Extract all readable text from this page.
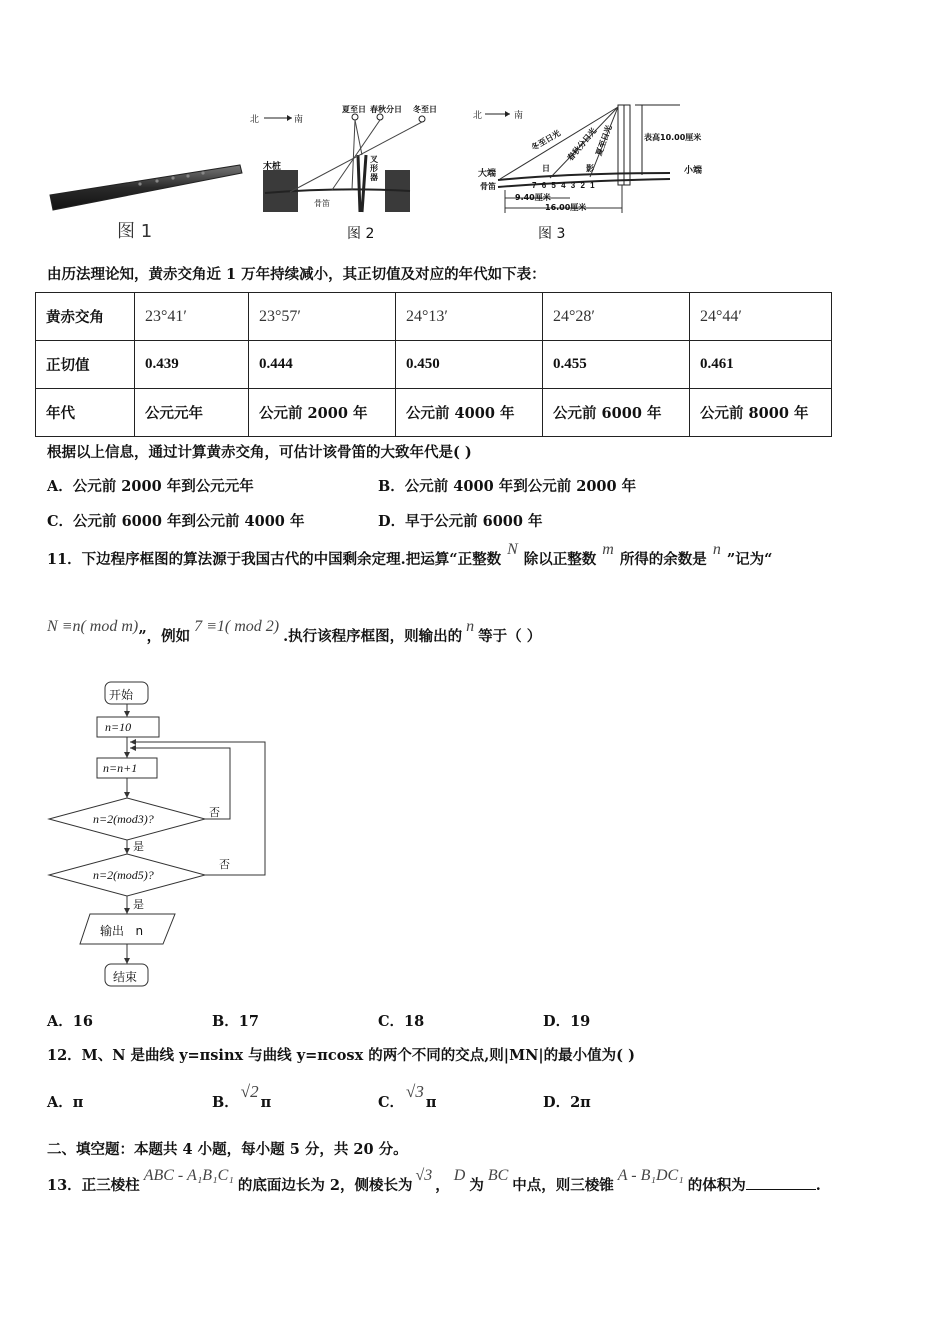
图 1
北	南
夏至日 春秋分日 冬至日
木桩
骨笛
叉形器
图 2
北	南
冬至日光 春秋分日光
夏至日光	表高10.00厘米
大端	小端
骨笛
日	影
7 6 5 4 3 2 1
9.40厘米
16.00厘米
图 3
由历法理论知，黄赤交角近 1 万年持续减小，其正切值及对应的年代如下表：
黄赤交角	23°41′	23°57′	24°13′	24°28′	24°44′
正切值	0.439	0.444	0.450	0.455	0.461
年代	公元元年	公元前 2000 年	公元前 4000 年	公元前 6000 年	公元前 8000 年
根据以上信息，通过计算黄赤交角，可估计该骨笛的大致年代是( )
A．公元前 2000 年到公元元年	B．公元前 4000 年到公元前 2000 年
C．公元前 6000 年到公元前 4000 年	D．早于公元前 6000 年
11．下边程序框图的算法源于我国古代的中国剩余定理.把运算“正整数N除以正整数m所得的余数是n”记为“
N ≡n( mod m)”，例如7 ≡1( mod 2).执行该程序框图，则输出的n等于（ ）
开始
n=10
n=n+1
n=2(mod3)?
n=2(mod5)?
否
否
是
是
输出   n
结束
A．16	B．17	C．18	D．19
12．M、N 是曲线 y=πsinx 与曲线 y=πcosx 的两个不同的交点,则|MN|的最小值为( )
A．π	B．√2π	C．√3π	D．2π
二、填空题：本题共 4 小题，每小题 5 分，共 20 分。
13．正三棱柱ABC - A₁B₁C₁的底面边长为 2，侧棱长为√3，D为BC中点，则三棱锥A - B₁DC₁的体积为	.
